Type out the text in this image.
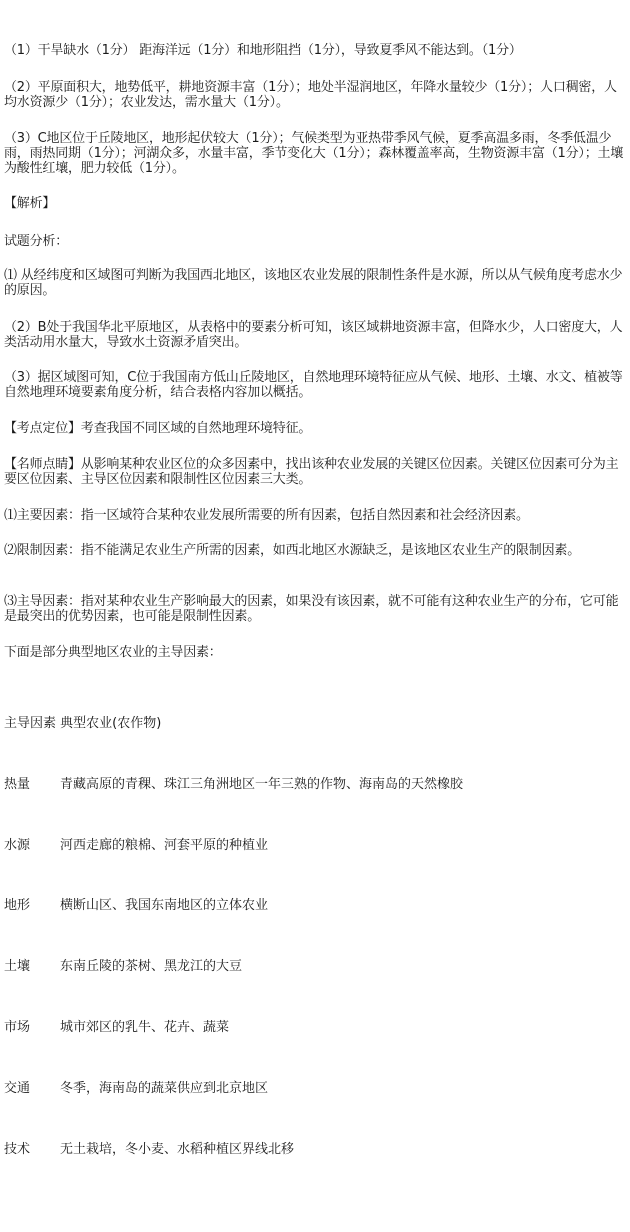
（1）干旱缺水（1分） 距海洋远（1分）和地形阻挡（1分），导致夏季风不能达到。（1分）
（2）平原面积大，地势低平，耕地资源丰富（1分）；地处半湿润地区，年降水量较少（1分）；人口稠密，人均水资源少（1分）；农业发达，需水量大（1分）。
（3）C地区位于丘陵地区，地形起伏较大（1分）；气候类型为亚热带季风气候，夏季高温多雨，冬季低温少雨，雨热同期（1分）；河湖众多，水量丰富，季节变化大（1分）；森林覆盖率高，生物资源丰富（1分）；土壤为酸性红壤，肥力较低（1分）。
【解析】
试题分析：
⑴ 从经纬度和区域图可判断为我国西北地区，该地区农业发展的限制性条件是水源，所以从气候角度考虑水少的原因。
（2）B处于我国华北平原地区，从表格中的要素分析可知，该区域耕地资源丰富，但降水少，人口密度大，人类活动用水量大，导致水土资源矛盾突出。
（3）据区域图可知，C位于我国南方低山丘陵地区，自然地理环境特征应从气候、地形、土壤、水文、植被等自然地理环境要素角度分析，结合表格内容加以概括。
【考点定位】考查我国不同区域的自然地理环境特征。
【名师点睛】从影响某种农业区位的众多因素中，找出该种农业发展的关键区位因素。关键区位因素可分为主要区位因素、主导区位因素和限制性区位因素三大类。
⑴主要因素：指一区域符合某种农业发展所需要的所有因素，包括自然因素和社会经济因素。
⑵限制因素：指不能满足农业生产所需的因素，如西北地区水源缺乏，是该地区农业生产的限制因素。
⑶主导因素：指对某种农业生产影响最大的因素，如果没有该因素，就不可能有这种农业生产的分布，它可能是最突出的优势因素，也可能是限制性因素。
下面是部分典型地区农业的主导因素：
主导因素 典型农业(农作物)
热量 青藏高原的青稞、珠江三角洲地区一年三熟的作物、海南岛的天然橡胶
水源 河西走廊的粮棉、河套平原的种植业
地形 横断山区、我国东南地区的立体农业
土壤 东南丘陵的茶树、黑龙江的大豆
市场 城市郊区的乳牛、花卉、蔬菜
交通 冬季，海南岛的蔬菜供应到北京地区
技术 无土栽培，冬小麦、水稻种植区界线北移
